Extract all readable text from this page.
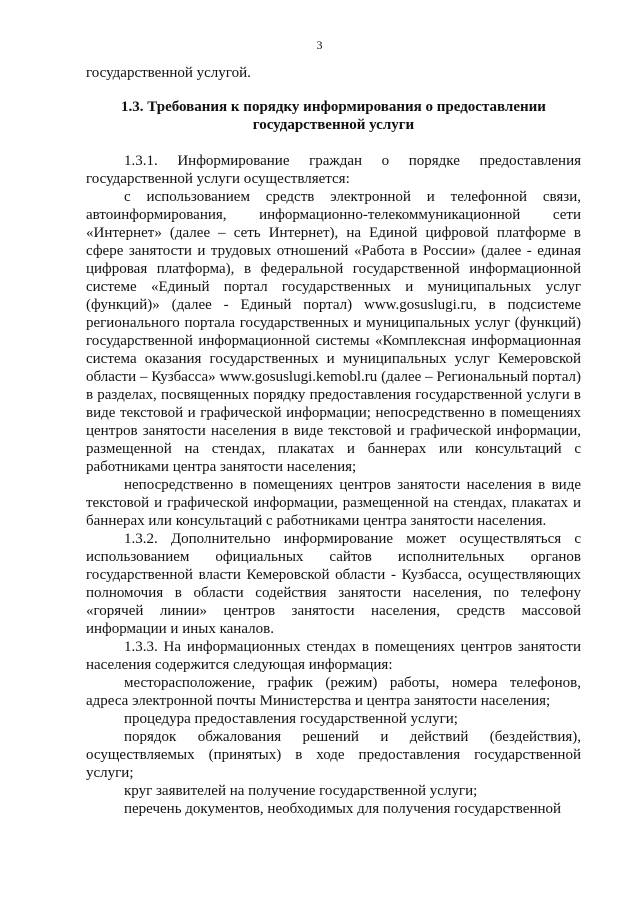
3
государственной услугой.
1.3. Требования к порядку информирования о предоставлении государственной услуги

1.3.1. Информирование граждан о порядке предоставления государственной услуги осуществляется:

с использованием средств электронной и телефонной связи, автоинформирования, информационно-телекоммуникационной сети «Интернет» (далее – сеть Интернет), на Единой цифровой платформе в сфере занятости и трудовых отношений «Работа в России» (далее - единая цифровая платформа), в федеральной государственной информационной системе «Единый портал государственных и муниципальных услуг (функций)» (далее - Единый портал) www.gosuslugi.ru, в подсистеме регионального портала государственных и муниципальных услуг (функций) государственной информационной системы «Комплексная информационная система оказания государственных и муниципальных услуг Кемеровской области – Кузбасса» www.gosuslugi.kemobl.ru (далее – Региональный портал) в разделах, посвященных порядку предоставления государственной услуги в виде текстовой и графической информации; непосредственно в помещениях центров занятости населения в виде текстовой и графической информации, размещенной на стендах, плакатах и баннерах или консультаций с работниками центра занятости населения;

непосредственно в помещениях центров занятости населения в виде текстовой и графической информации, размещенной на стендах, плакатах и баннерах или консультаций с работниками центра занятости населения.

1.3.2. Дополнительно информирование может осуществляться с использованием официальных сайтов исполнительных органов государственной власти Кемеровской области - Кузбасса, осуществляющих полномочия в области содействия занятости населения, по телефону «горячей линии» центров занятости населения, средств массовой информации и иных каналов.

1.3.3. На информационных стендах в помещениях центров занятости населения содержится следующая информация:

месторасположение, график (режим) работы, номера телефонов, адреса электронной почты Министерства и центра занятости населения;

процедура предоставления государственной услуги;

порядок обжалования решений и действий (бездействия), осуществляемых (принятых) в ходе предоставления государственной услуги;

круг заявителей на получение государственной услуги;

перечень документов, необходимых для получения государственной
